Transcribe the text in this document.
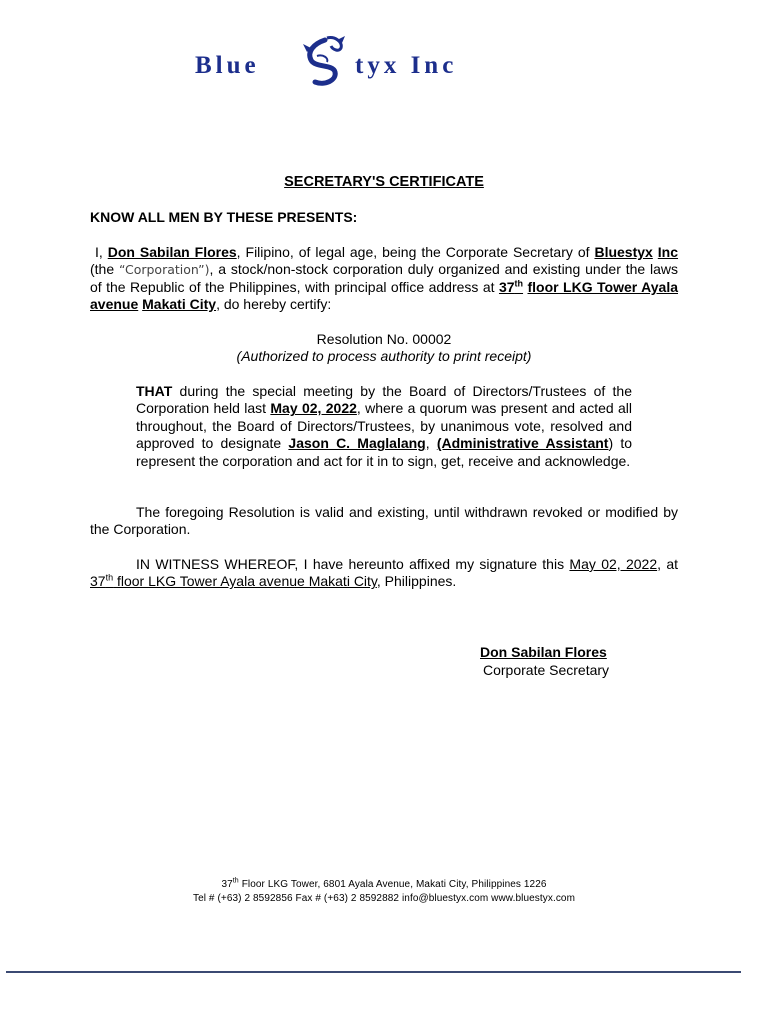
Blue	tyx Inc
SECRETARY'S CERTIFICATE
KNOW ALL MEN BY THESE PRESENTS:
I, Don Sabilan Flores, Filipino, of legal age, being the Corporate Secretary of Bluestyx Inc (the “Corporation”), a stock/non-stock corporation duly organized and existing under the laws of the Republic of the Philippines, with principal office address at 37th floor LKG Tower Ayala avenue Makati City, do hereby certify:
Resolution No. 00002
(Authorized to process authority to print receipt)
THAT during the special meeting by the Board of Directors/Trustees of the Corporation held last May 02, 2022, where a quorum was present and acted all throughout, the Board of Directors/Trustees, by unanimous vote, resolved and approved to designate Jason C. Maglalang, (Administrative Assistant) to represent the corporation and act for it in to sign, get, receive and acknowledge.
The foregoing Resolution is valid and existing, until withdrawn revoked or modified by the Corporation.
IN WITNESS WHEREOF, I have hereunto affixed my signature this May 02, 2022, at 37th floor LKG Tower Ayala avenue Makati City, Philippines.
Don Sabilan Flores
Corporate Secretary
37th Floor LKG Tower, 6801 Ayala Avenue, Makati City, Philippines 1226
Tel # (+63) 2 8592856 Fax # (+63) 2 8592882 info@bluestyx.com www.bluestyx.com
